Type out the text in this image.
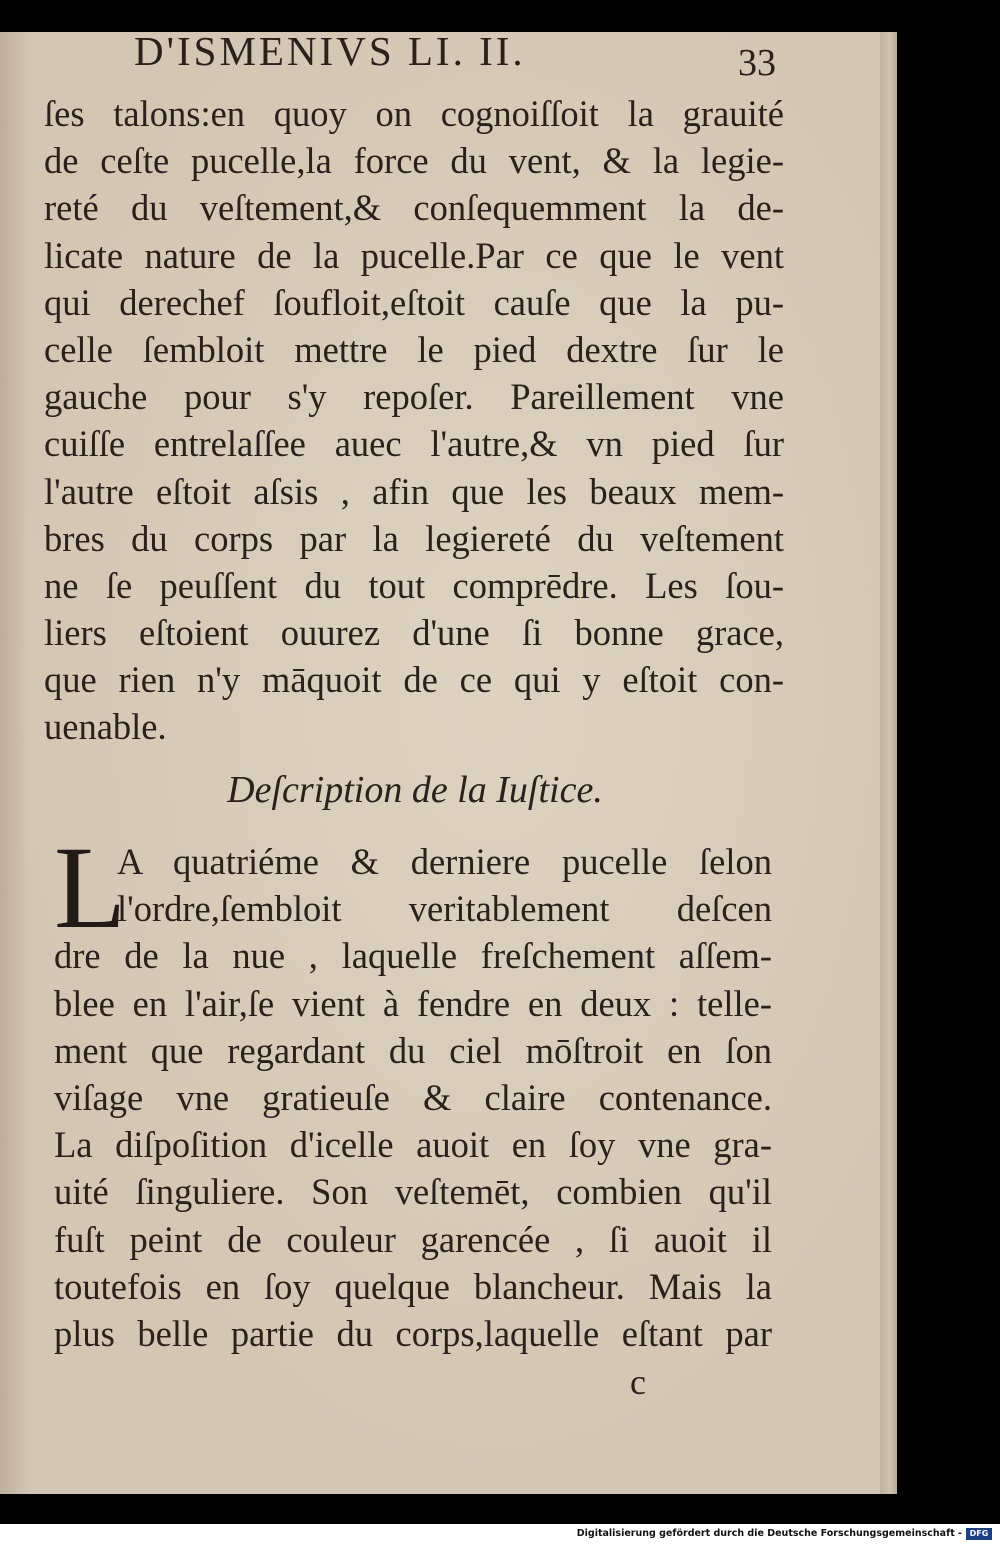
D'ISMENIVS LI. II.	33
ſes talons:en quoy on cognoiſſoit la grauité
de ceſte pucelle,la force du vent, & la legie-
reté du veſtement,& conſequemment la de-
licate nature de la pucelle.Par ce que le vent
qui derechef ſoufloit,eſtoit cauſe que la pu-
celle ſembloit mettre le pied dextre ſur le
gauche pour s'y repoſer. Pareillement vne
cuiſſe entrelaſſee auec l'autre,& vn pied ſur
l'autre eſtoit aſsis , afin que les beaux mem-
bres du corps par la legiereté du veſtement
ne ſe peuſſent du tout comprēdre. Les ſou-
liers eſtoient ouurez d'une ſi bonne grace,
que rien n'y māquoit de ce qui y eſtoit con-
uenable.
Deſcription de la Iuſtice.
L
A quatriéme & derniere pucelle ſelon
l'ordre,ſembloit veritablement deſcen
dre de la nue , laquelle freſchement aſſem-
blee en l'air,ſe vient à fendre en deux : telle-
ment que regardant du ciel mōſtroit en ſon
viſage vne gratieuſe & claire contenance.
La diſpoſition d'icelle auoit en ſoy vne gra-
uité ſinguliere. Son veſtemēt, combien qu'il
fuſt peint de couleur garencée , ſi auoit il
toutefois en ſoy quelque blancheur. Mais la
plus belle partie du corps,laquelle eſtant par
c
Digitalisierung gefördert durch die Deutsche Forschungsgemeinschaft - DFG
